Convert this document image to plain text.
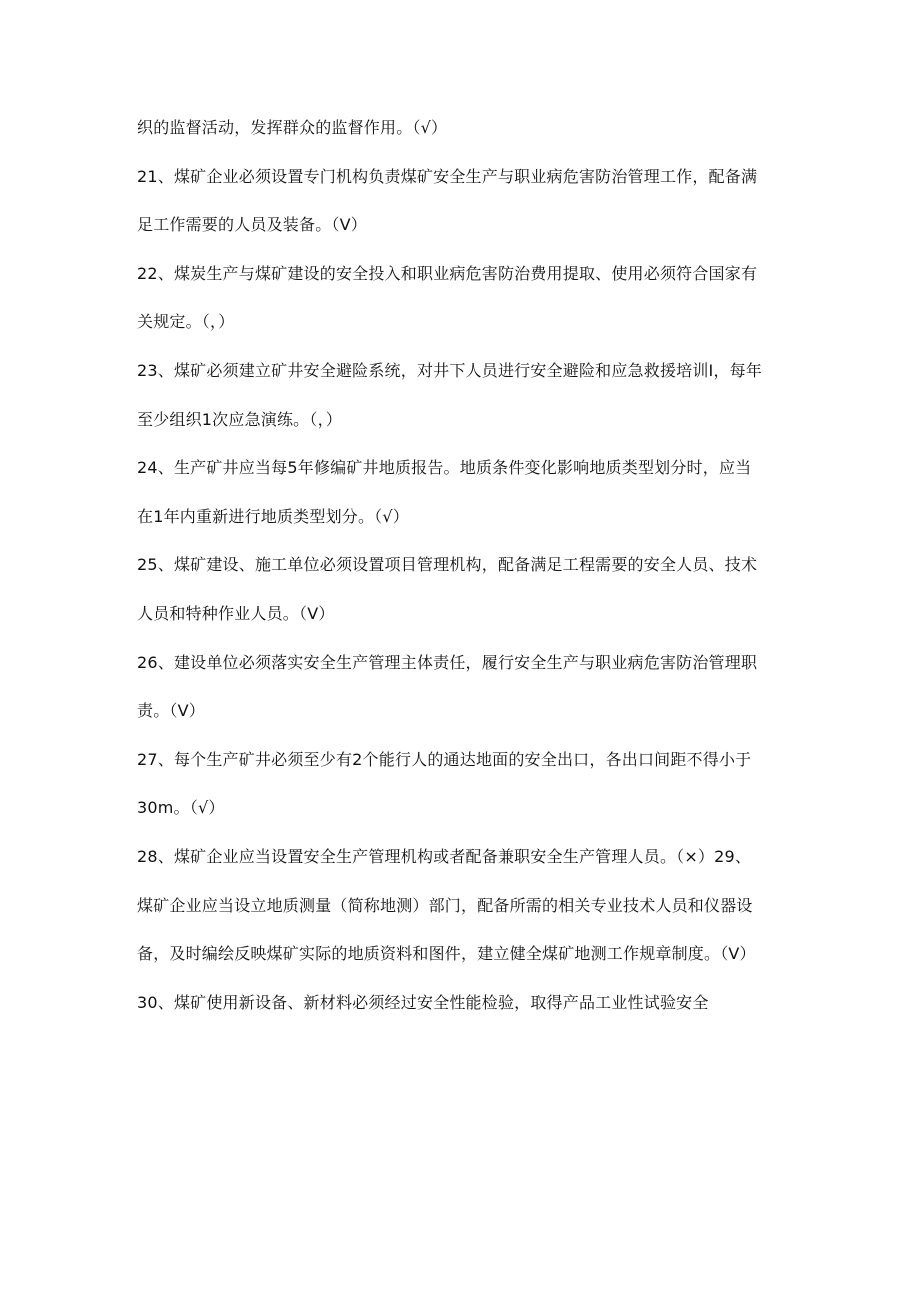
织的监督活动，发挥群众的监督作用。（√）
21、煤矿企业必须设置专门机构负责煤矿安全生产与职业病危害防治管理工作，配备满
足工作需要的人员及装备。（V）
22、煤炭生产与煤矿建设的安全投入和职业病危害防治费用提取、使用必须符合国家有
关规定。（，）
23、煤矿必须建立矿井安全避险系统，对井下人员进行安全避险和应急救援培训I，每年
至少组织1次应急演练。（，）
24、生产矿井应当每5年修编矿井地质报告。地质条件变化影响地质类型划分时，应当
在1年内重新进行地质类型划分。（√）
25、煤矿建设、施工单位必须设置项目管理机构，配备满足工程需要的安全人员、技术
人员和特种作业人员。（V）
26、建设单位必须落实安全生产管理主体责任，履行安全生产与职业病危害防治管理职
责。（V）
27、每个生产矿井必须至少有2个能行人的通达地面的安全出口，各出口间距不得小于
30m。（√）
28、煤矿企业应当设置安全生产管理机构或者配备兼职安全生产管理人员。（×）29、
煤矿企业应当设立地质测量（简称地测）部门，配备所需的相关专业技术人员和仪器设
备，及时编绘反映煤矿实际的地质资料和图件，建立健全煤矿地测工作规章制度。（V）
30、煤矿使用新设备、新材料必须经过安全性能检验，取得产品工业性试验安全
